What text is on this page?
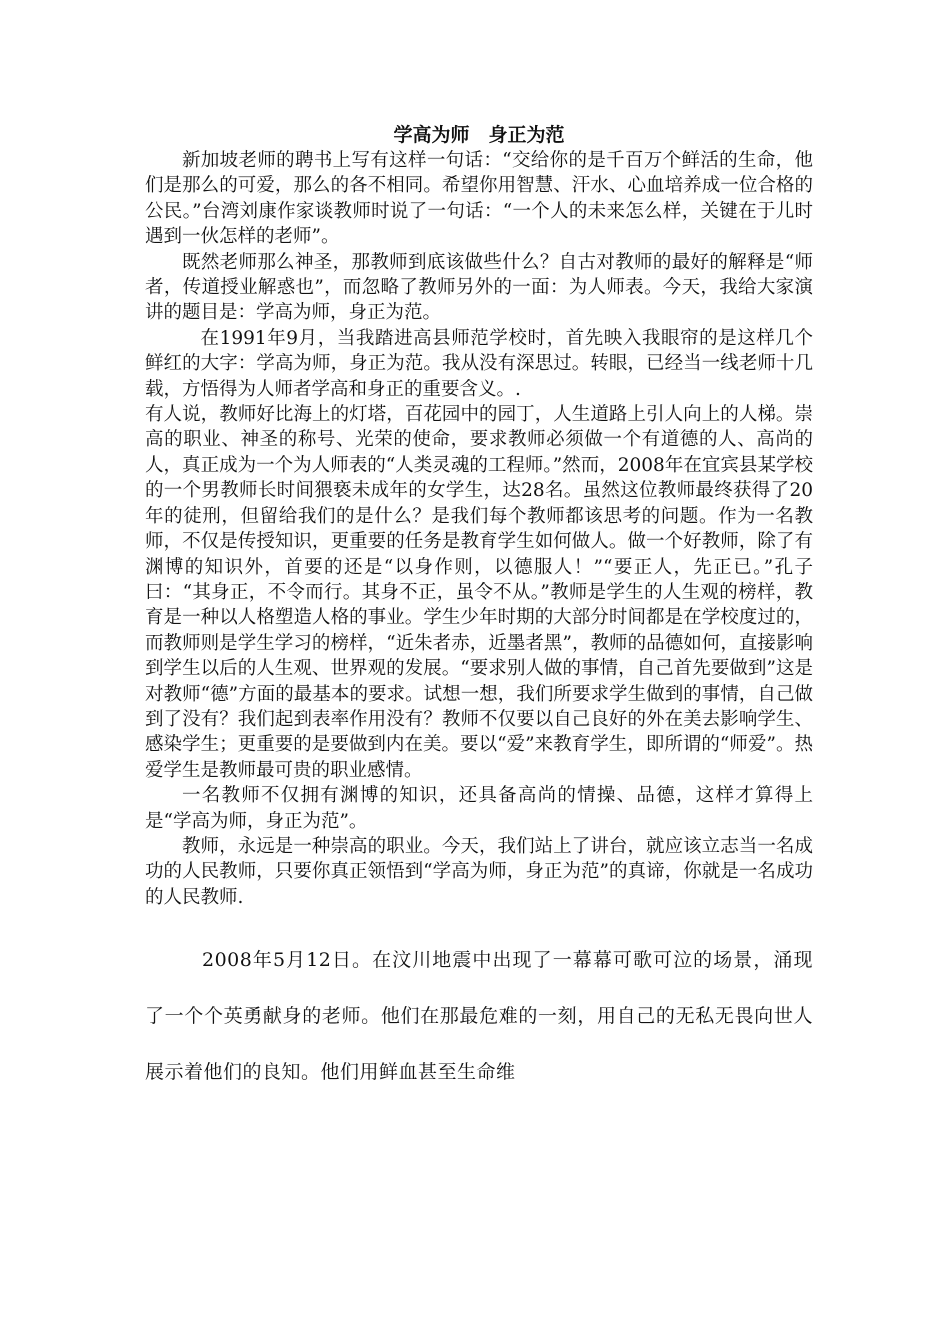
学高为师　身正为范

新加坡老师的聘书上写有这样一句话：“交给你的是千百万个鲜活的生命，他们是那么的可爱，那么的各不相同。希望你用智慧、汗水、心血培养成一位合格的公民。”台湾刘康作家谈教师时说了一句话：“一个人的未来怎么样，关键在于儿时遇到一伙怎样的老师”。

既然老师那么神圣，那教师到底该做些什么？自古对教师的最好的解释是“师者，传道授业解惑也”，而忽略了教师另外的一面：为人师表。今天，我给大家演讲的题目是：学高为师，身正为范。

在1991年9月，当我踏进高县师范学校时，首先映入我眼帘的是这样几个鲜红的大字：学高为师，身正为范。我从没有深思过。转眼，已经当一线老师十几载，方悟得为人师者学高和身正的重要含义。.

有人说，教师好比海上的灯塔，百花园中的园丁，人生道路上引人向上的人梯。崇高的职业、神圣的称号、光荣的使命，要求教师必须做一个有道德的人、高尚的人，真正成为一个为人师表的“人类灵魂的工程师。”然而，2008年在宜宾县某学校的一个男教师长时间猥亵未成年的女学生，达28名。虽然这位教师最终获得了20年的徒刑，但留给我们的是什么？是我们每个教师都该思考的问题。作为一名教师，不仅是传授知识，更重要的任务是教育学生如何做人。做一个好教师，除了有渊博的知识外，首要的还是“以身作则，以德服人！”“要正人，先正已。”孔子曰：“其身正，不令而行。其身不正，虽令不从。”教师是学生的人生观的榜样，教育是一种以人格塑造人格的事业。学生少年时期的大部分时间都是在学校度过的，而教师则是学生学习的榜样，“近朱者赤，近墨者黑”，教师的品德如何，直接影响到学生以后的人生观、世界观的发展。“要求别人做的事情，自己首先要做到”这是对教师“德”方面的最基本的要求。试想一想，我们所要求学生做到的事情，自己做到了没有？我们起到表率作用没有？教师不仅要以自己良好的外在美去影响学生、感染学生；更重要的是要做到内在美。要以“爱”来教育学生，即所谓的“师爱”。热爱学生是教师最可贵的职业感情。

一名教师不仅拥有渊博的知识，还具备高尚的情操、品德，这样才算得上是“学高为师，身正为范”。

教师，永远是一种崇高的职业。今天，我们站上了讲台，就应该立志当一名成功的人民教师，只要你真正领悟到“学高为师，身正为范”的真谛，你就是一名成功的人民教师.

2008年5月12日。在汶川地震中出现了一幕幕可歌可泣的场景，涌现了一个个英勇献身的老师。他们在那最危难的一刻，用自己的无私无畏向世人展示着他们的良知。他们用鲜血甚至生命维
